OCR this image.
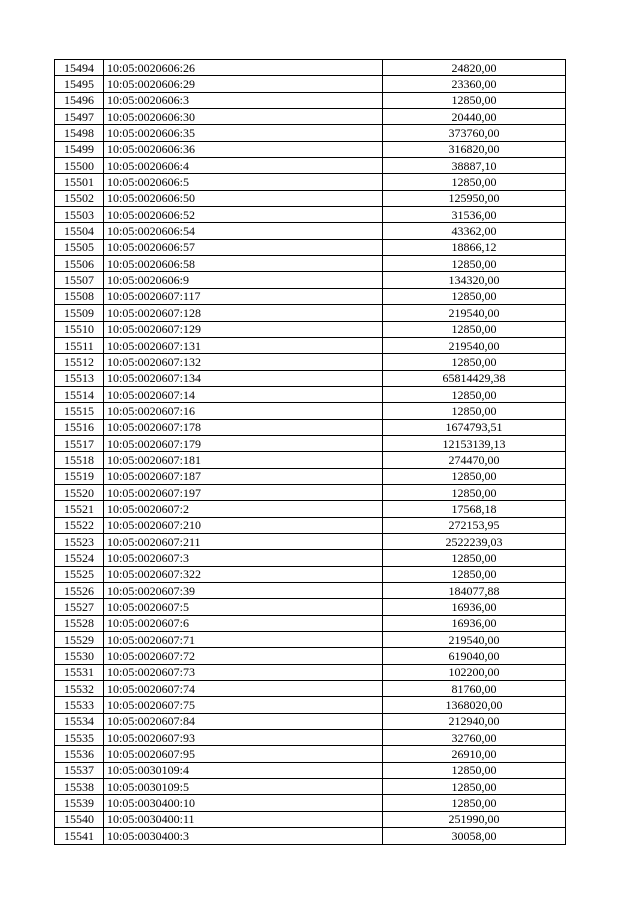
15494	10:05:0020606:26	24820,00
15495	10:05:0020606:29	23360,00
15496	10:05:0020606:3	12850,00
15497	10:05:0020606:30	20440,00
15498	10:05:0020606:35	373760,00
15499	10:05:0020606:36	316820,00
15500	10:05:0020606:4	38887,10
15501	10:05:0020606:5	12850,00
15502	10:05:0020606:50	125950,00
15503	10:05:0020606:52	31536,00
15504	10:05:0020606:54	43362,00
15505	10:05:0020606:57	18866,12
15506	10:05:0020606:58	12850,00
15507	10:05:0020606:9	134320,00
15508	10:05:0020607:117	12850,00
15509	10:05:0020607:128	219540,00
15510	10:05:0020607:129	12850,00
15511	10:05:0020607:131	219540,00
15512	10:05:0020607:132	12850,00
15513	10:05:0020607:134	65814429,38
15514	10:05:0020607:14	12850,00
15515	10:05:0020607:16	12850,00
15516	10:05:0020607:178	1674793,51
15517	10:05:0020607:179	12153139,13
15518	10:05:0020607:181	274470,00
15519	10:05:0020607:187	12850,00
15520	10:05:0020607:197	12850,00
15521	10:05:0020607:2	17568,18
15522	10:05:0020607:210	272153,95
15523	10:05:0020607:211	2522239,03
15524	10:05:0020607:3	12850,00
15525	10:05:0020607:322	12850,00
15526	10:05:0020607:39	184077,88
15527	10:05:0020607:5	16936,00
15528	10:05:0020607:6	16936,00
15529	10:05:0020607:71	219540,00
15530	10:05:0020607:72	619040,00
15531	10:05:0020607:73	102200,00
15532	10:05:0020607:74	81760,00
15533	10:05:0020607:75	1368020,00
15534	10:05:0020607:84	212940,00
15535	10:05:0020607:93	32760,00
15536	10:05:0020607:95	26910,00
15537	10:05:0030109:4	12850,00
15538	10:05:0030109:5	12850,00
15539	10:05:0030400:10	12850,00
15540	10:05:0030400:11	251990,00
15541	10:05:0030400:3	30058,00
